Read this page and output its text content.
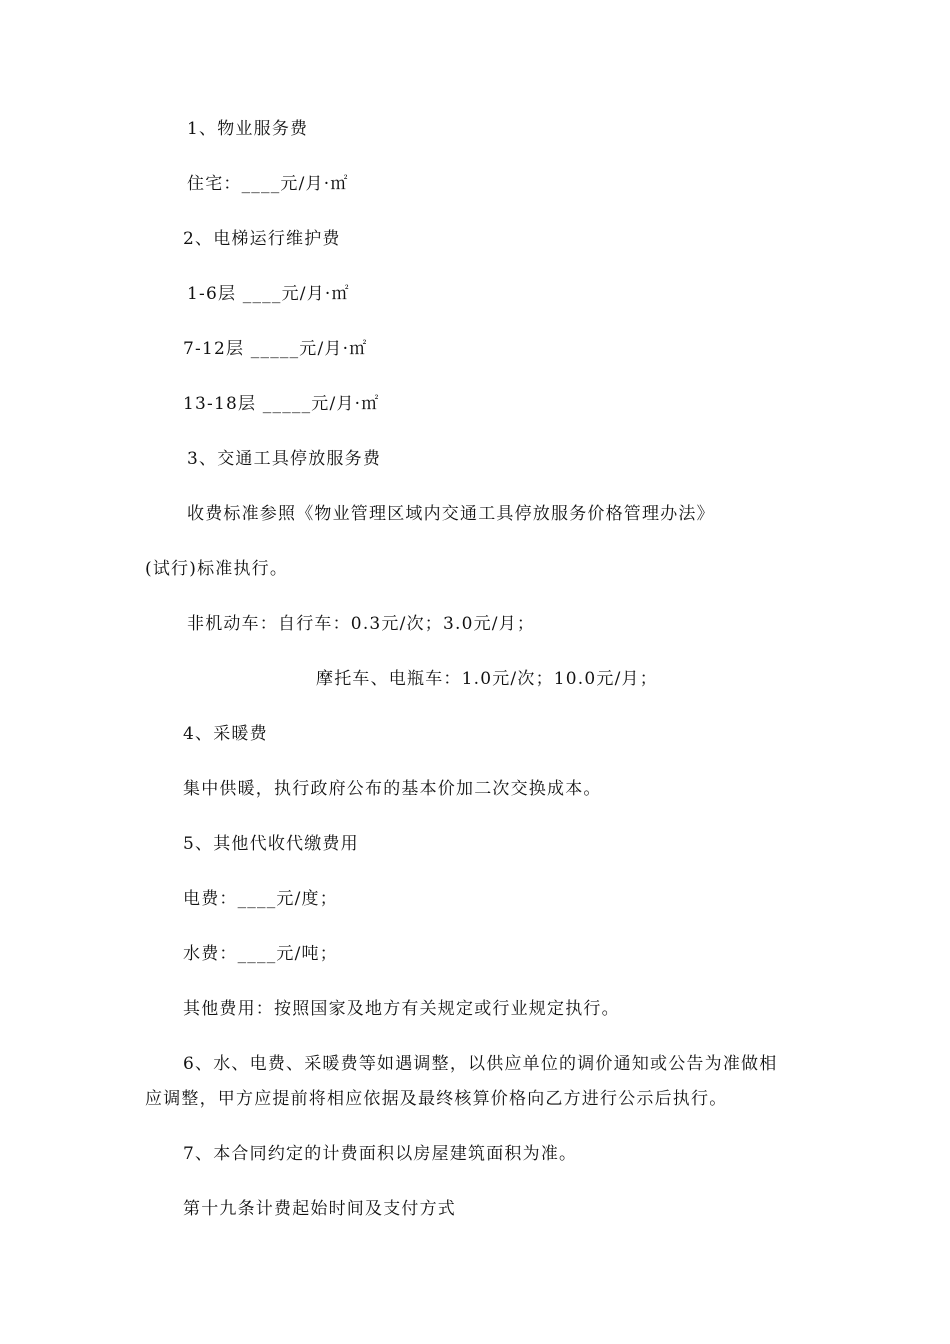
1、物业服务费
住宅：____元/月·㎡
2、电梯运行维护费
1-6层 ____元/月·㎡
7-12层 _____元/月·㎡
13-18层 _____元/月·㎡
3、交通工具停放服务费
收费标准参照《物业管理区域内交通工具停放服务价格管理办法》
(试行)标准执行。
非机动车：自行车：0.3元/次；3.0元/月；
摩托车、电瓶车：1.0元/次；10.0元/月；
4、采暖费
集中供暖，执行政府公布的基本价加二次交换成本。
5、其他代收代缴费用
电费：____元/度；
水费：____元/吨；
其他费用：按照国家及地方有关规定或行业规定执行。
6、水、电费、采暖费等如遇调整，以供应单位的调价通知或公告为准做相
应调整，甲方应提前将相应依据及最终核算价格向乙方进行公示后执行。
7、本合同约定的计费面积以房屋建筑面积为准。
第十九条计费起始时间及支付方式
